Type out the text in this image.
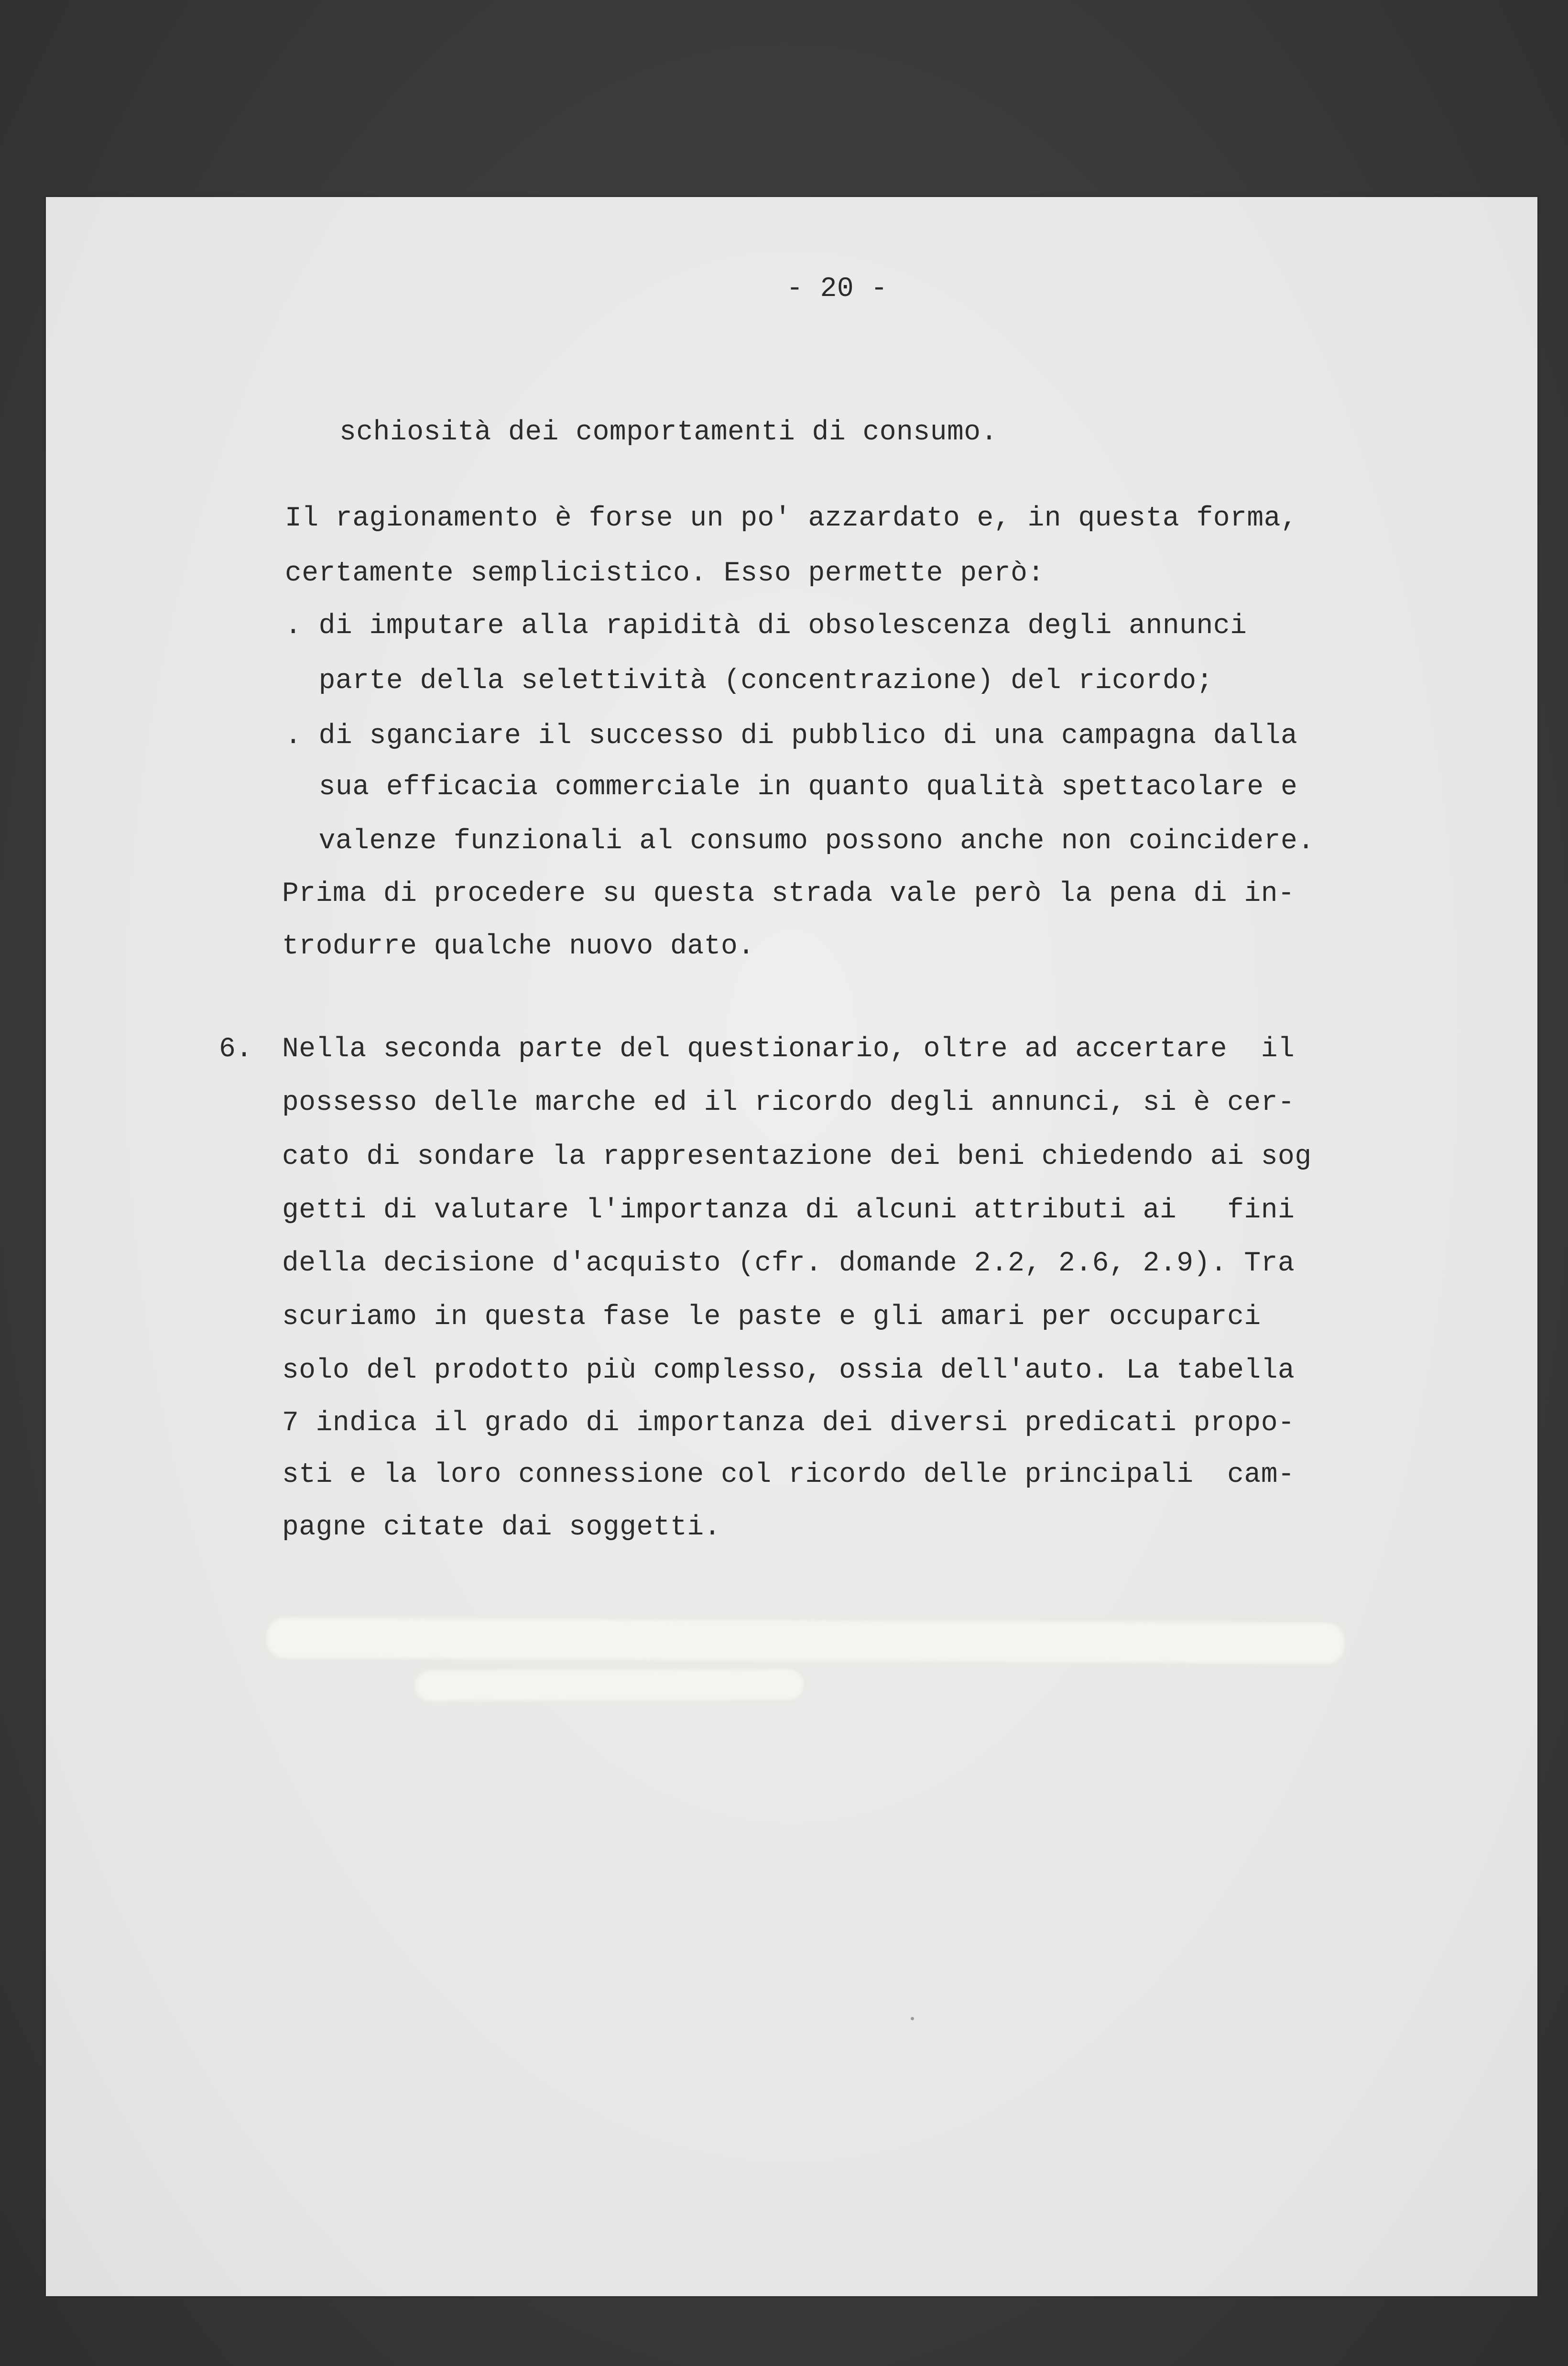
- 20 -
schiosità dei comportamenti di consumo.
Il ragionamento è forse un po' azzardato e, in questa forma,
certamente semplicistico. Esso permette però:
. di imputare alla rapidità di obsolescenza degli annunci
parte della selettività (concentrazione) del ricordo;
. di sganciare il successo di pubblico di una campagna dalla
sua efficacia commerciale in quanto qualità spettacolare e
valenze funzionali al consumo possono anche non coincidere.
Prima di procedere su questa strada vale però la pena di in-
trodurre qualche nuovo dato.
6. Nella seconda parte del questionario, oltre ad accertare  il
possesso delle marche ed il ricordo degli annunci, si è cer-
cato di sondare la rappresentazione dei beni chiedendo ai sog
getti di valutare l'importanza di alcuni attributi ai   fini
della decisione d'acquisto (cfr. domande 2.2, 2.6, 2.9). Tra
scuriamo in questa fase le paste e gli amari per occuparci
solo del prodotto più complesso, ossia dell'auto. La tabella
7 indica il grado di importanza dei diversi predicati propo-
sti e la loro connessione col ricordo delle principali  cam-
pagne citate dai soggetti.
